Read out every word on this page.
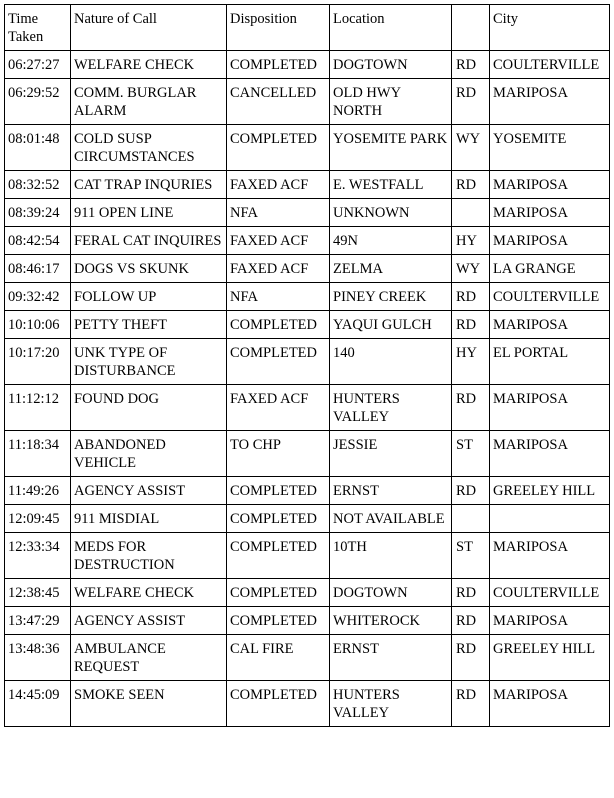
Time Taken	Nature of Call	Disposition	Location		City
06:27:27	WELFARE CHECK	COMPLETED	DOGTOWN	RD	COULTERVILLE
06:29:52	COMM. BURGLAR ALARM	CANCELLED	OLD HWY NORTH	RD	MARIPOSA
08:01:48	COLD SUSP CIRCUMSTANCES	COMPLETED	YOSEMITE PARK	WY	YOSEMITE
08:32:52	CAT TRAP INQURIES	FAXED ACF	E. WESTFALL	RD	MARIPOSA
08:39:24	911 OPEN LINE	NFA	UNKNOWN		MARIPOSA
08:42:54	FERAL CAT INQUIRES	FAXED ACF	49N	HY	MARIPOSA
08:46:17	DOGS VS SKUNK	FAXED ACF	ZELMA	WY	LA GRANGE
09:32:42	FOLLOW UP	NFA	PINEY CREEK	RD	COULTERVILLE
10:10:06	PETTY THEFT	COMPLETED	YAQUI GULCH	RD	MARIPOSA
10:17:20	UNK TYPE OF DISTURBANCE	COMPLETED	140	HY	EL PORTAL
11:12:12	FOUND DOG	FAXED ACF	HUNTERS VALLEY	RD	MARIPOSA
11:18:34	ABANDONED VEHICLE	TO CHP	JESSIE	ST	MARIPOSA
11:49:26	AGENCY ASSIST	COMPLETED	ERNST	RD	GREELEY HILL
12:09:45	911 MISDIAL	COMPLETED	NOT AVAILABLE		
12:33:34	MEDS FOR DESTRUCTION	COMPLETED	10TH	ST	MARIPOSA
12:38:45	WELFARE CHECK	COMPLETED	DOGTOWN	RD	COULTERVILLE
13:47:29	AGENCY ASSIST	COMPLETED	WHITEROCK	RD	MARIPOSA
13:48:36	AMBULANCE REQUEST	CAL FIRE	ERNST	RD	GREELEY HILL
14:45:09	SMOKE SEEN	COMPLETED	HUNTERS VALLEY	RD	MARIPOSA
